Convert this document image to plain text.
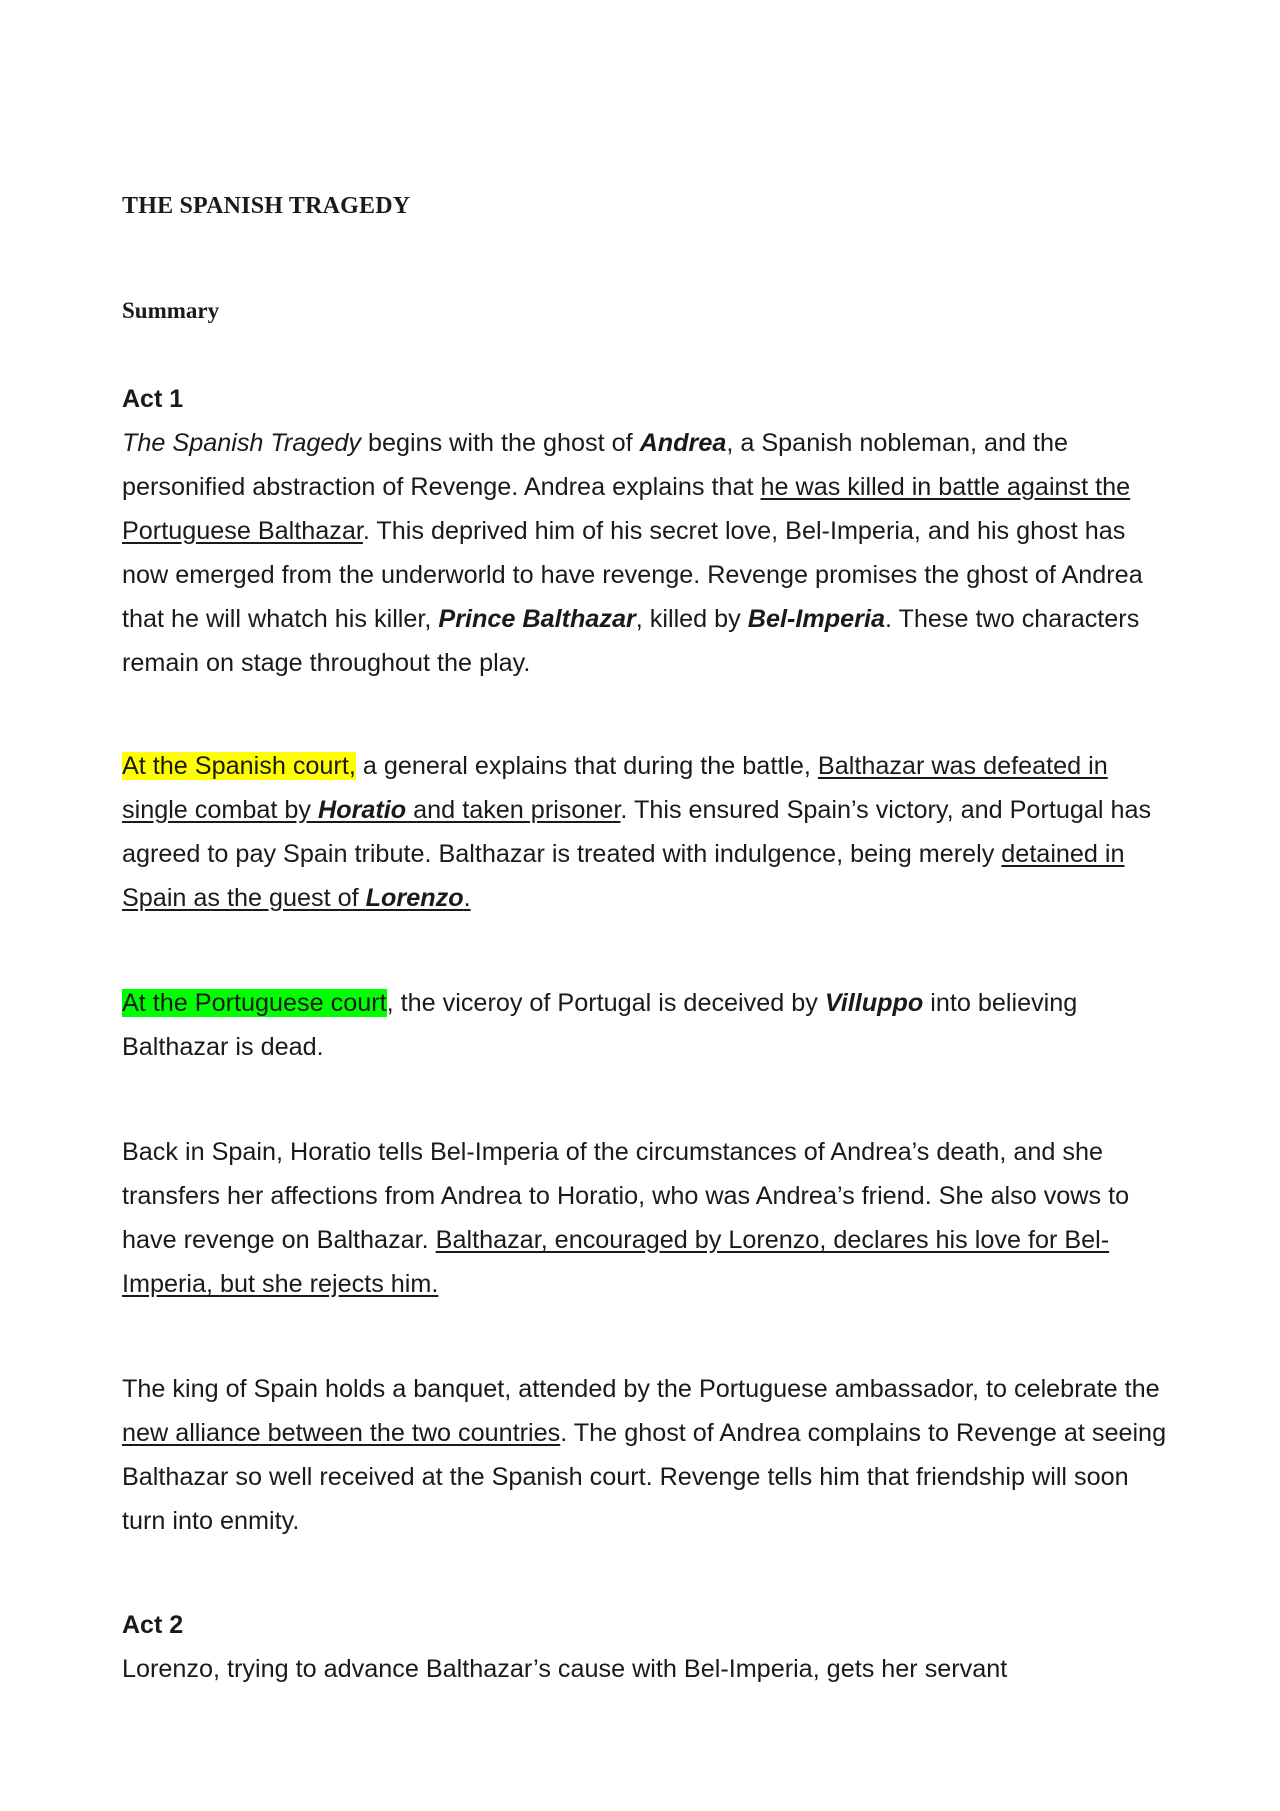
THE SPANISH TRAGEDY
Summary
Act 1

The Spanish Tragedy begins with the ghost of Andrea, a Spanish nobleman, and the personified abstraction of Revenge. Andrea explains that he was killed in battle against the Portuguese Balthazar. This deprived him of his secret love, Bel-Imperia, and his ghost has now emerged from the underworld to have revenge. Revenge promises the ghost of Andrea that he will whatch his killer, Prince Balthazar, killed by Bel-Imperia. These two characters remain on stage throughout the play.

At the Spanish court, a general explains that during the battle, Balthazar was defeated in single combat by Horatio and taken prisoner. This ensured Spain’s victory, and Portugal has agreed to pay Spain tribute. Balthazar is treated with indulgence, being merely detained in Spain as the guest of Lorenzo.

At the Portuguese court, the viceroy of Portugal is deceived by Villuppo into believing Balthazar is dead.

Back in Spain, Horatio tells Bel-Imperia of the circumstances of Andrea’s death, and she transfers her affections from Andrea to Horatio, who was Andrea’s friend. She also vows to have revenge on Balthazar. Balthazar, encouraged by Lorenzo, declares his love for Bel-Imperia, but she rejects him.

The king of Spain holds a banquet, attended by the Portuguese ambassador, to celebrate the new alliance between the two countries. The ghost of Andrea complains to Revenge at seeing Balthazar so well received at the Spanish court. Revenge tells him that friendship will soon turn into enmity.

Act 2

Lorenzo, trying to advance Balthazar’s cause with Bel-Imperia, gets her servant
